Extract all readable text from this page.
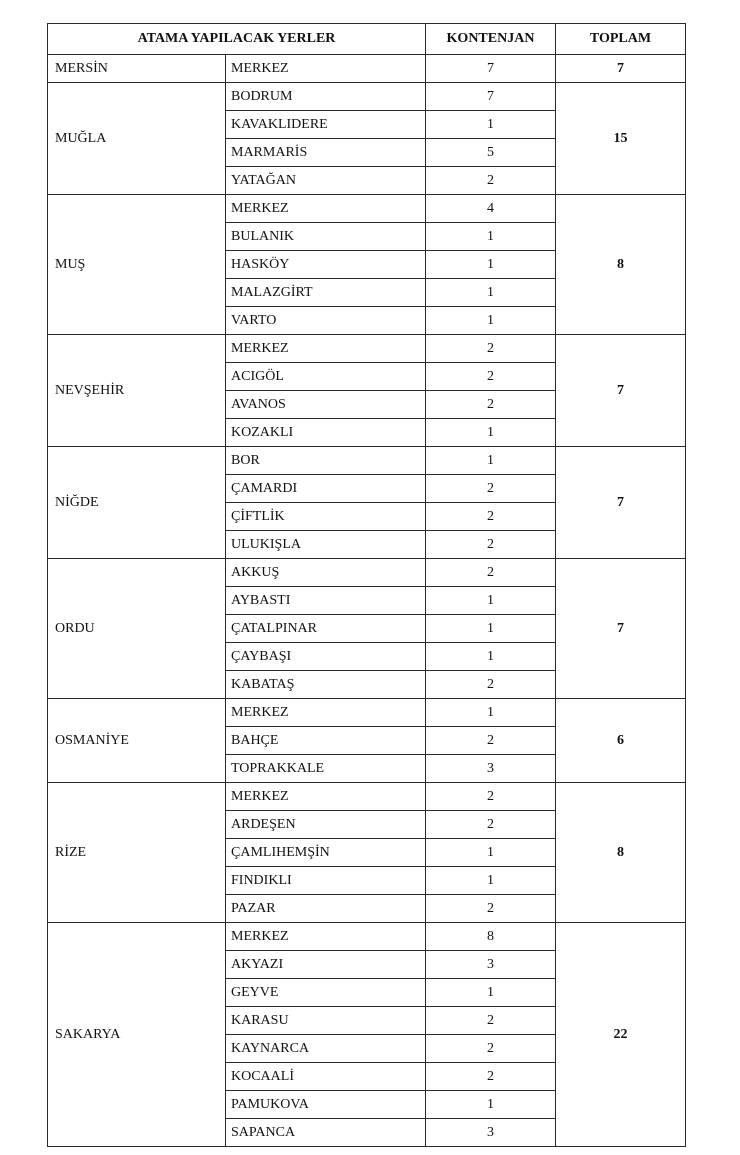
ATAMA YAPILACAK YERLER		KONTENJAN	TOPLAM
MERSİN	MERKEZ	7	7
MUĞLA	BODRUM	7	15
	KAVAKLIDERE	1	
	MARMARİS	5	
	YATAĞAN	2	
MUŞ	MERKEZ	4	8
	BULANIK	1	
	HASKÖY	1	
	MALAZGİRT	1	
	VARTO	1	
NEVŞEHİR	MERKEZ	2	7
	ACIGÖL	2	
	AVANOS	2	
	KOZAKLI	1	
NİĞDE	BOR	1	7
	ÇAMARDI	2	
	ÇİFTLİK	2	
	ULUKIŞLA	2	
ORDU	AKKUŞ	2	7
	AYBASTI	1	
	ÇATALPINAR	1	
	ÇAYBAŞI	1	
	KABATAŞ	2	
OSMANİYE	MERKEZ	1	6
	BAHÇE	2	
	TOPRAKKALE	3	
RİZE	MERKEZ	2	8
	ARDEŞEN	2	
	ÇAMLIHEMŞİN	1	
	FINDIKLI	1	
	PAZAR	2	
SAKARYA	MERKEZ	8	22
	AKYAZI	3	
	GEYVE	1	
	KARASU	2	
	KAYNARCA	2	
	KOCAALİ	2	
	PAMUKOVA	1	
	SAPANCA	3	
